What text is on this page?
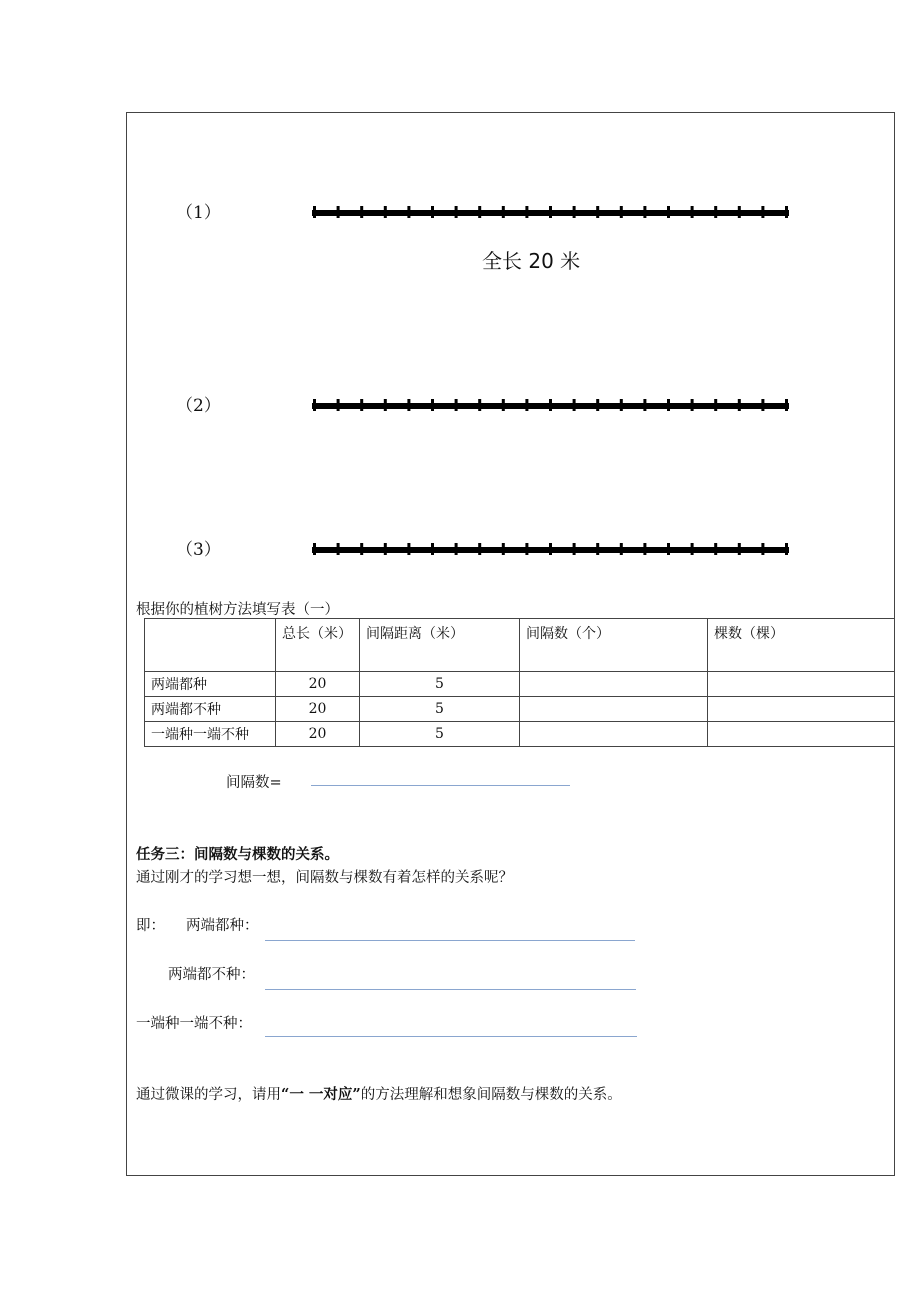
（1）
全长 20 米
（2）
（3）
根据你的植树方法填写表（一）
	总长（米）	间隔距离（米）	间隔数（个）	棵数（棵）
两端都种	20	5		
两端都不种	20	5		
一端种一端不种	20	5		
间隔数=
任务三：间隔数与棵数的关系。
通过刚才的学习想一想，间隔数与棵数有着怎样的关系呢？
即： 两端都种：
两端都不种：
一端种一端不种：
通过微课的学习，请用“一 一对应”的方法理解和想象间隔数与棵数的关系。
